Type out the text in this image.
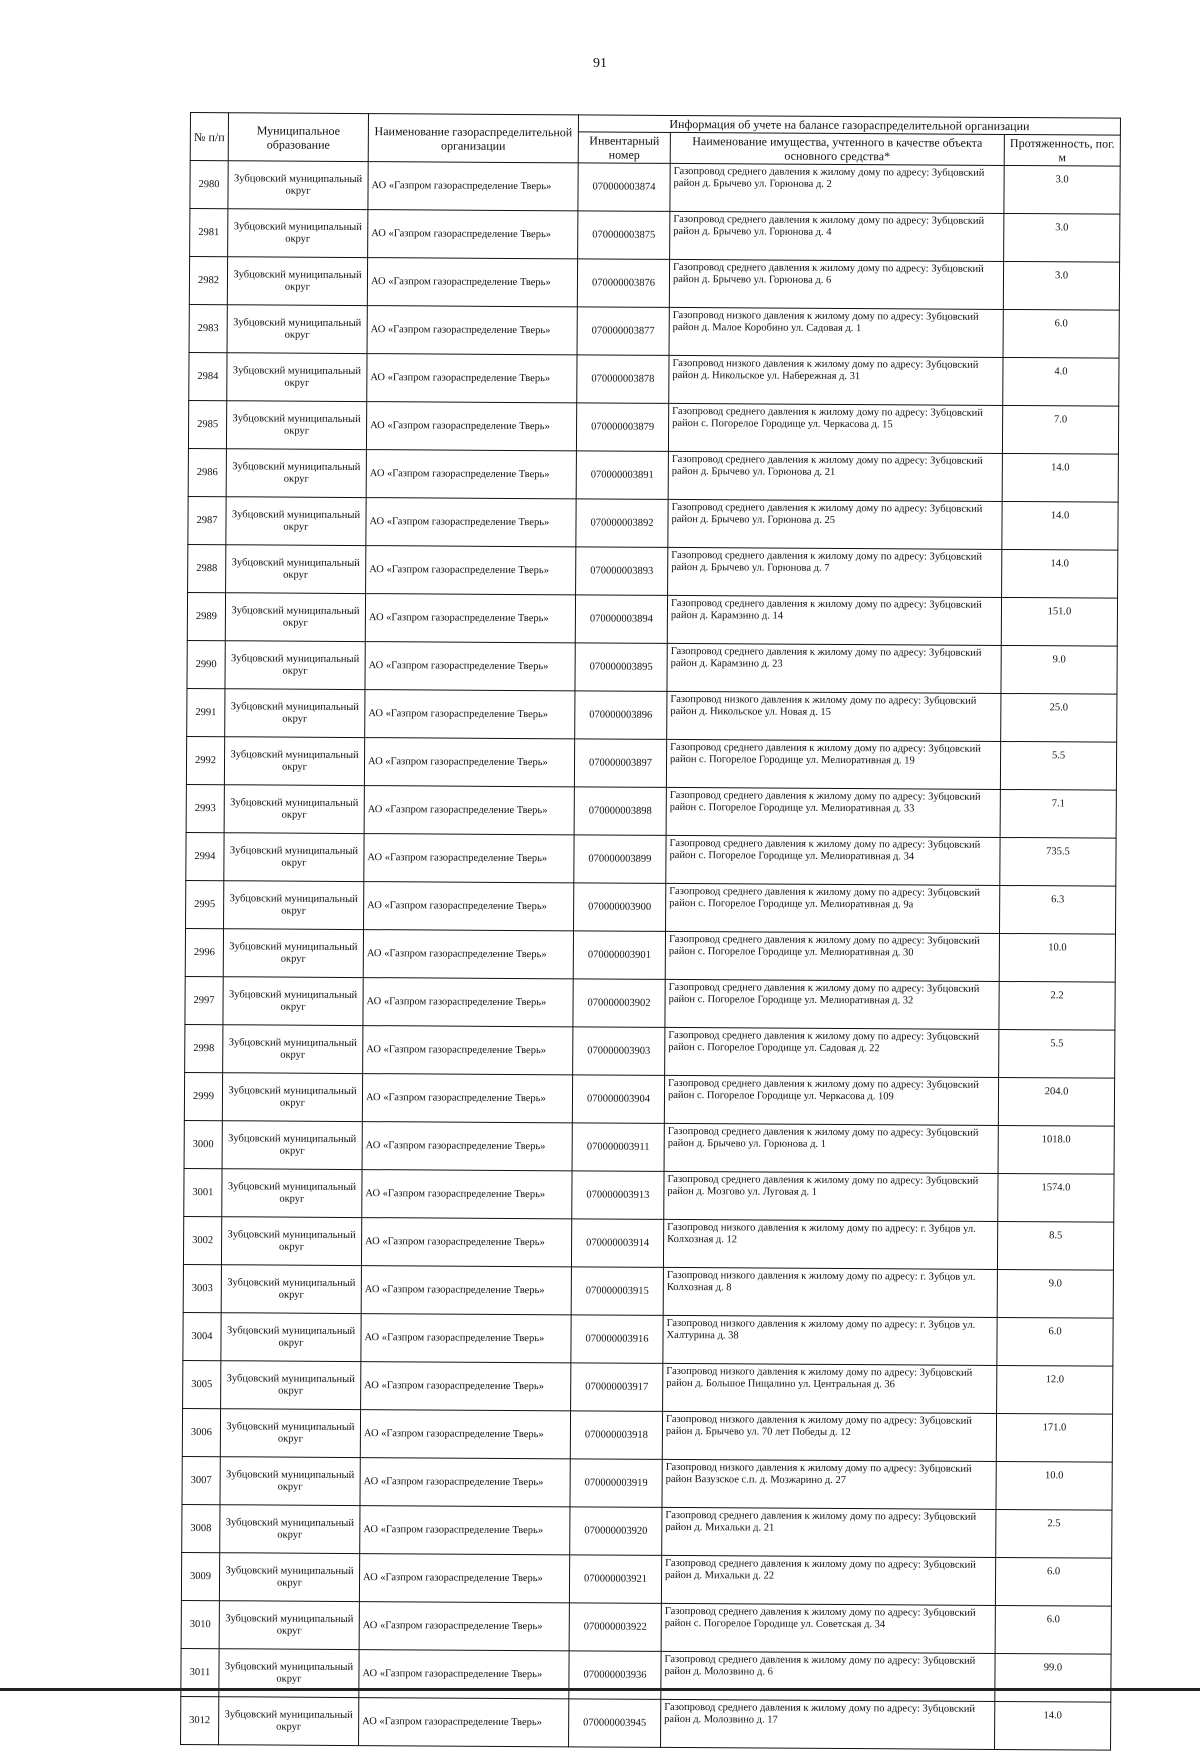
91
№ п/п	Муниципальное образование	Наименование газораспределительной организации	Информация об учете на балансе газораспределительной организации		
			Инвентарный номер	Наименование имущества, учтенного в качестве объекта основного средства*	Протяженность, пог. м
2980	Зубцовский муниципальный округ	АО «Газпром газораспределение Тверь»	070000003874	Газопровод среднего давления к жилому дому по адресу: Зубцовский район д. Брычево ул. Горюнова д. 2	3.0
2981	Зубцовский муниципальный округ	АО «Газпром газораспределение Тверь»	070000003875	Газопровод среднего давления к жилому дому по адресу: Зубцовский район д. Брычево ул. Горюнова д. 4	3.0
2982	Зубцовский муниципальный округ	АО «Газпром газораспределение Тверь»	070000003876	Газопровод среднего давления к жилому дому по адресу: Зубцовский район д. Брычево ул. Горюнова д. 6	3.0
2983	Зубцовский муниципальный округ	АО «Газпром газораспределение Тверь»	070000003877	Газопровод низкого давления к жилому дому по адресу: Зубцовский район д. Малое Коробино ул. Садовая д. 1	6.0
2984	Зубцовский муниципальный округ	АО «Газпром газораспределение Тверь»	070000003878	Газопровод низкого давления к жилому дому по адресу: Зубцовский район д. Никольское ул. Набережная д. 31	4.0
2985	Зубцовский муниципальный округ	АО «Газпром газораспределение Тверь»	070000003879	Газопровод среднего давления к жилому дому по адресу: Зубцовский район с. Погорелое Городище ул. Черкасова д. 15	7.0
2986	Зубцовский муниципальный округ	АО «Газпром газораспределение Тверь»	070000003891	Газопровод среднего давления к жилому дому по адресу: Зубцовский район д. Брычево ул. Горюнова д. 21	14.0
2987	Зубцовский муниципальный округ	АО «Газпром газораспределение Тверь»	070000003892	Газопровод среднего давления к жилому дому по адресу: Зубцовский район д. Брычево ул. Горюнова д. 25	14.0
2988	Зубцовский муниципальный округ	АО «Газпром газораспределение Тверь»	070000003893	Газопровод среднего давления к жилому дому по адресу: Зубцовский район д. Брычево ул. Горюнова д. 7	14.0
2989	Зубцовский муниципальный округ	АО «Газпром газораспределение Тверь»	070000003894	Газопровод среднего давления к жилому дому по адресу: Зубцовский район д. Карамзино д. 14	151.0
2990	Зубцовский муниципальный округ	АО «Газпром газораспределение Тверь»	070000003895	Газопровод среднего давления к жилому дому по адресу: Зубцовский район д. Карамзино д. 23	9.0
2991	Зубцовский муниципальный округ	АО «Газпром газораспределение Тверь»	070000003896	Газопровод низкого давления к жилому дому по адресу: Зубцовский район д. Никольское ул. Новая д. 15	25.0
2992	Зубцовский муниципальный округ	АО «Газпром газораспределение Тверь»	070000003897	Газопровод среднего давления к жилому дому по адресу: Зубцовский район с. Погорелое Городище ул. Мелиоративная д. 19	5.5
2993	Зубцовский муниципальный округ	АО «Газпром газораспределение Тверь»	070000003898	Газопровод среднего давления к жилому дому по адресу: Зубцовский район с. Погорелое Городище ул. Мелиоративная д. 33	7.1
2994	Зубцовский муниципальный округ	АО «Газпром газораспределение Тверь»	070000003899	Газопровод среднего давления к жилому дому по адресу: Зубцовский район с. Погорелое Городище ул. Мелиоративная д. 34	735.5
2995	Зубцовский муниципальный округ	АО «Газпром газораспределение Тверь»	070000003900	Газопровод среднего давления к жилому дому по адресу: Зубцовский район с. Погорелое Городище ул. Мелиоративная д. 9а	6.3
2996	Зубцовский муниципальный округ	АО «Газпром газораспределение Тверь»	070000003901	Газопровод среднего давления к жилому дому по адресу: Зубцовский район с. Погорелое Городище ул. Мелиоративная д. 30	10.0
2997	Зубцовский муниципальный округ	АО «Газпром газораспределение Тверь»	070000003902	Газопровод среднего давления к жилому дому по адресу: Зубцовский район с. Погорелое Городище ул. Мелиоративная д. 32	2.2
2998	Зубцовский муниципальный округ	АО «Газпром газораспределение Тверь»	070000003903	Газопровод среднего давления к жилому дому по адресу: Зубцовский район с. Погорелое Городище ул. Садовая д. 22	5.5
2999	Зубцовский муниципальный округ	АО «Газпром газораспределение Тверь»	070000003904	Газопровод среднего давления к жилому дому по адресу: Зубцовский район с. Погорелое Городище ул. Черкасова д. 109	204.0
3000	Зубцовский муниципальный округ	АО «Газпром газораспределение Тверь»	070000003911	Газопровод среднего давления к жилому дому по адресу: Зубцовский район д. Брычево ул. Горюнова д. 1	1018.0
3001	Зубцовский муниципальный округ	АО «Газпром газораспределение Тверь»	070000003913	Газопровод среднего давления к жилому дому по адресу: Зубцовский район д. Мозгово ул. Луговая д. 1	1574.0
3002	Зубцовский муниципальный округ	АО «Газпром газораспределение Тверь»	070000003914	Газопровод низкого давления к жилому дому по адресу: г. Зубцов ул. Колхозная д. 12	8.5
3003	Зубцовский муниципальный округ	АО «Газпром газораспределение Тверь»	070000003915	Газопровод низкого давления к жилому дому по адресу: г. Зубцов ул. Колхозная д. 8	9.0
3004	Зубцовский муниципальный округ	АО «Газпром газораспределение Тверь»	070000003916	Газопровод низкого давления к жилому дому по адресу: г. Зубцов ул. Халтурина д. 38	6.0
3005	Зубцовский муниципальный округ	АО «Газпром газораспределение Тверь»	070000003917	Газопровод низкого давления к жилому дому по адресу: Зубцовский район д. Большое Пищалино ул. Центральная д. 36	12.0
3006	Зубцовский муниципальный округ	АО «Газпром газораспределение Тверь»	070000003918	Газопровод низкого давления к жилому дому по адресу: Зубцовский район д. Брычево ул. 70 лет Победы д. 12	171.0
3007	Зубцовский муниципальный округ	АО «Газпром газораспределение Тверь»	070000003919	Газопровод низкого давления к жилому дому по адресу: Зубцовский район Вазузское с.п. д. Мозжарино д. 27	10.0
3008	Зубцовский муниципальный округ	АО «Газпром газораспределение Тверь»	070000003920	Газопровод среднего давления к жилому дому по адресу: Зубцовский район д. Михальки д. 21	2.5
3009	Зубцовский муниципальный округ	АО «Газпром газораспределение Тверь»	070000003921	Газопровод среднего давления к жилому дому по адресу: Зубцовский район д. Михальки д. 22	6.0
3010	Зубцовский муниципальный округ	АО «Газпром газораспределение Тверь»	070000003922	Газопровод среднего давления к жилому дому по адресу: Зубцовский район с. Погорелое Городище ул. Советская д. 34	6.0
3011	Зубцовский муниципальный округ	АО «Газпром газораспределение Тверь»	070000003936	Газопровод среднего давления к жилому дому по адресу: Зубцовский район д. Молозвино д. 6	99.0
3012	Зубцовский муниципальный округ	АО «Газпром газораспределение Тверь»	070000003945	Газопровод среднего давления к жилому дому по адресу: Зубцовский район д. Молозвино д. 17	14.0
